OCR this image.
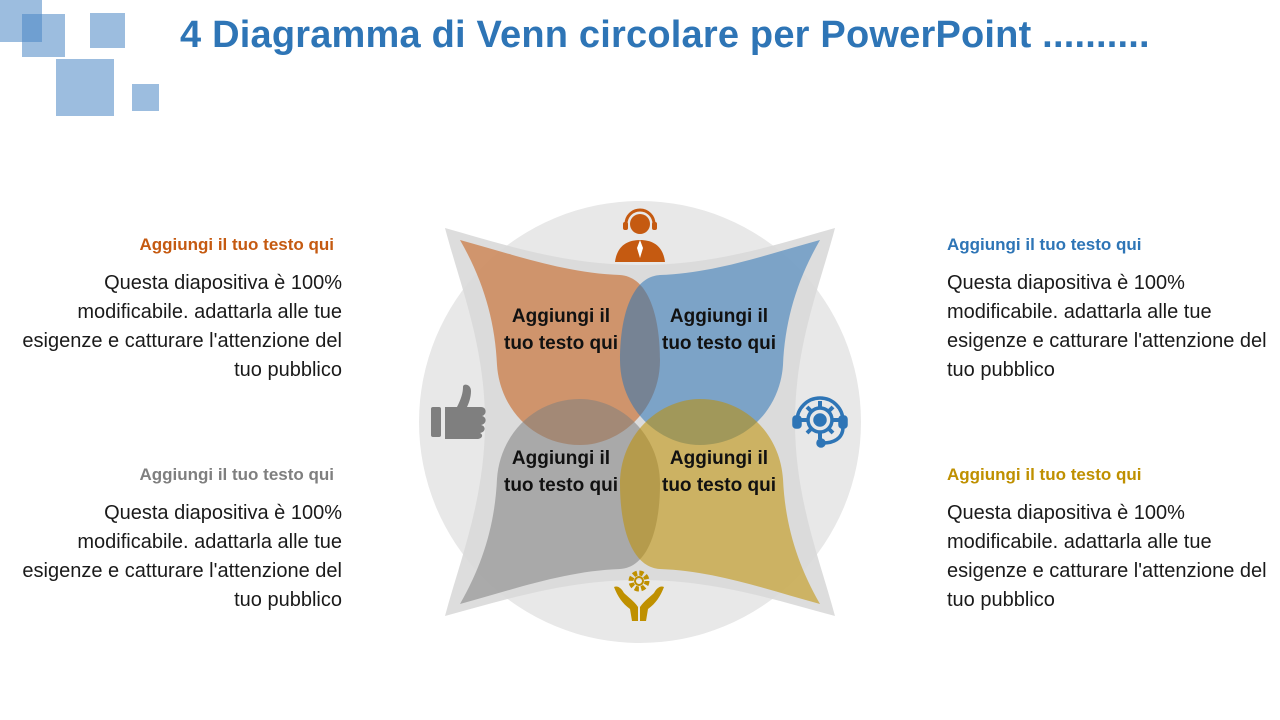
4 Diagramma di Venn circolare per PowerPoint ..........
Aggiungi il tuo testo qui
Questa diapositiva è 100% modificabile. adattarla alle tue esigenze e catturare l'attenzione del tuo pubblico
Aggiungi il tuo testo qui
Questa diapositiva è 100% modificabile. adattarla alle tue esigenze e catturare l'attenzione del tuo pubblico
Aggiungi il tuo testo qui
Questa diapositiva è 100% modificabile. adattarla alle tue esigenze e catturare l'attenzione del tuo pubblico
Aggiungi il tuo testo qui
Questa diapositiva è 100% modificabile. adattarla alle tue esigenze e catturare l'attenzione del tuo pubblico
Aggiungi il
tuo testo qui
Aggiungi il
tuo testo qui
Aggiungi il
tuo testo qui
Aggiungi il
tuo testo qui
